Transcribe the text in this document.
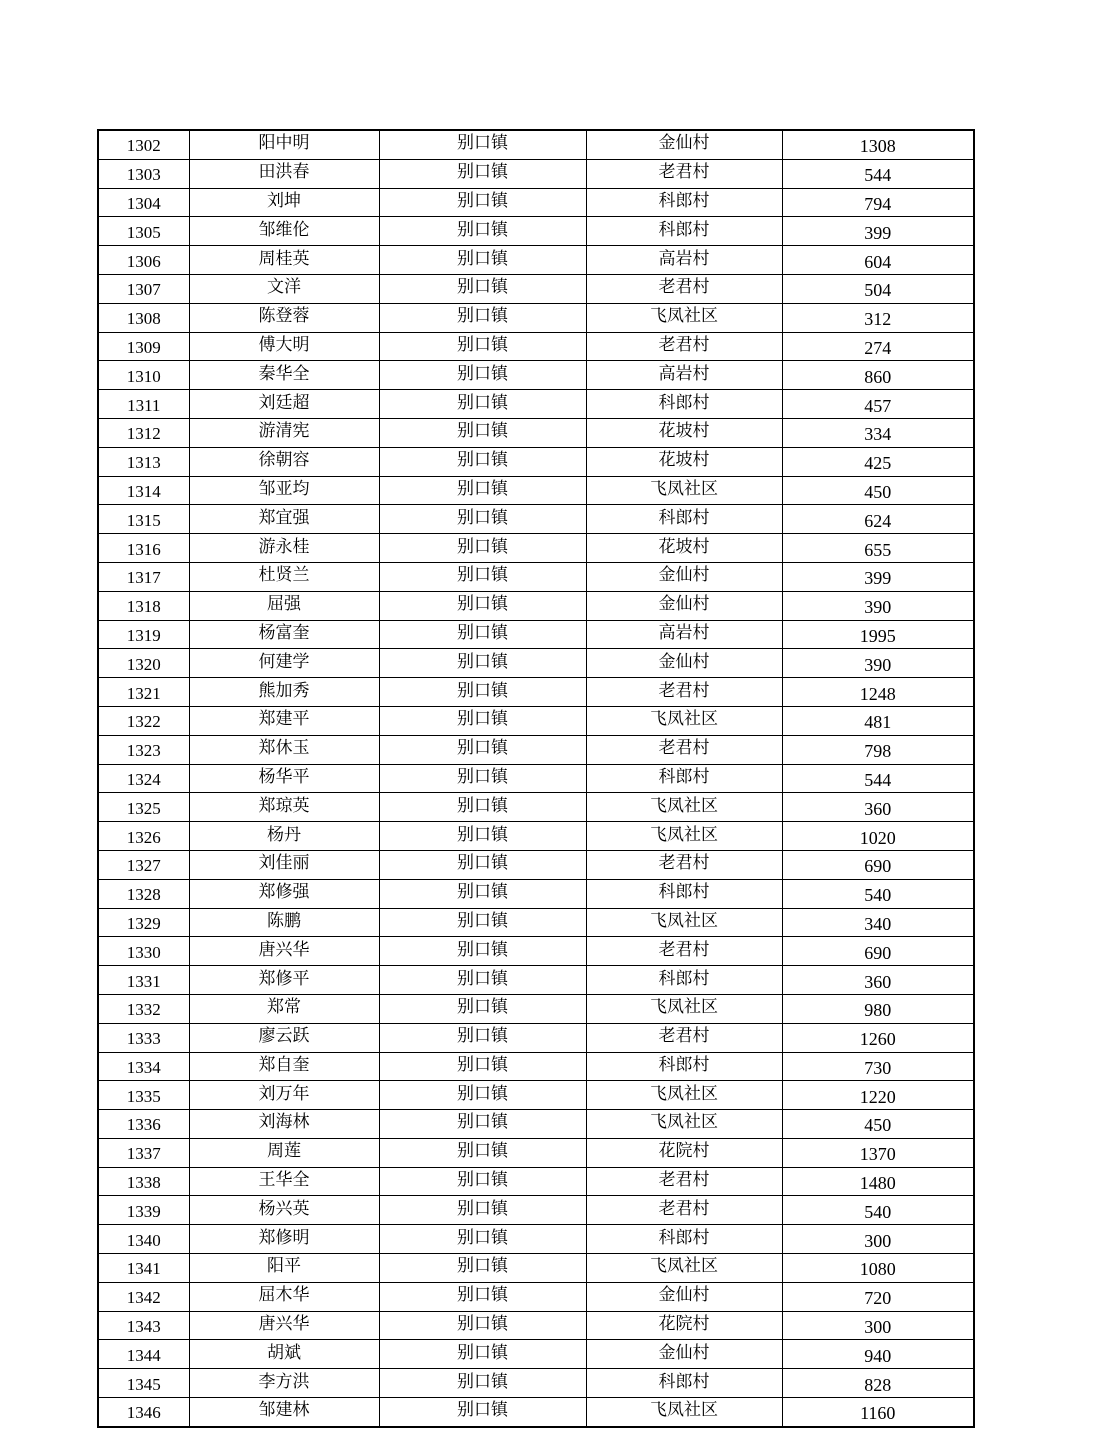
1302	阳中明	别口镇	金仙村	1308
1303	田洪春	别口镇	老君村	544
1304	刘坤	别口镇	科郎村	794
1305	邹维伦	别口镇	科郎村	399
1306	周桂英	别口镇	高岩村	604
1307	文洋	别口镇	老君村	504
1308	陈登蓉	别口镇	飞凤社区	312
1309	傅大明	别口镇	老君村	274
1310	秦华全	别口镇	高岩村	860
1311	刘廷超	别口镇	科郎村	457
1312	游清宪	别口镇	花坡村	334
1313	徐朝容	别口镇	花坡村	425
1314	邹亚均	别口镇	飞凤社区	450
1315	郑宜强	别口镇	科郎村	624
1316	游永桂	别口镇	花坡村	655
1317	杜贤兰	别口镇	金仙村	399
1318	屈强	别口镇	金仙村	390
1319	杨富奎	别口镇	高岩村	1995
1320	何建学	别口镇	金仙村	390
1321	熊加秀	别口镇	老君村	1248
1322	郑建平	别口镇	飞凤社区	481
1323	郑休玉	别口镇	老君村	798
1324	杨华平	别口镇	科郎村	544
1325	郑琼英	别口镇	飞凤社区	360
1326	杨丹	别口镇	飞凤社区	1020
1327	刘佳丽	别口镇	老君村	690
1328	郑修强	别口镇	科郎村	540
1329	陈鹏	别口镇	飞凤社区	340
1330	唐兴华	别口镇	老君村	690
1331	郑修平	别口镇	科郎村	360
1332	郑常	别口镇	飞凤社区	980
1333	廖云跃	别口镇	老君村	1260
1334	郑自奎	别口镇	科郎村	730
1335	刘万年	别口镇	飞凤社区	1220
1336	刘海林	别口镇	飞凤社区	450
1337	周莲	别口镇	花院村	1370
1338	王华全	别口镇	老君村	1480
1339	杨兴英	别口镇	老君村	540
1340	郑修明	别口镇	科郎村	300
1341	阳平	别口镇	飞凤社区	1080
1342	屈木华	别口镇	金仙村	720
1343	唐兴华	别口镇	花院村	300
1344	胡斌	别口镇	金仙村	940
1345	李方洪	别口镇	科郎村	828
1346	邹建林	别口镇	飞凤社区	1160
